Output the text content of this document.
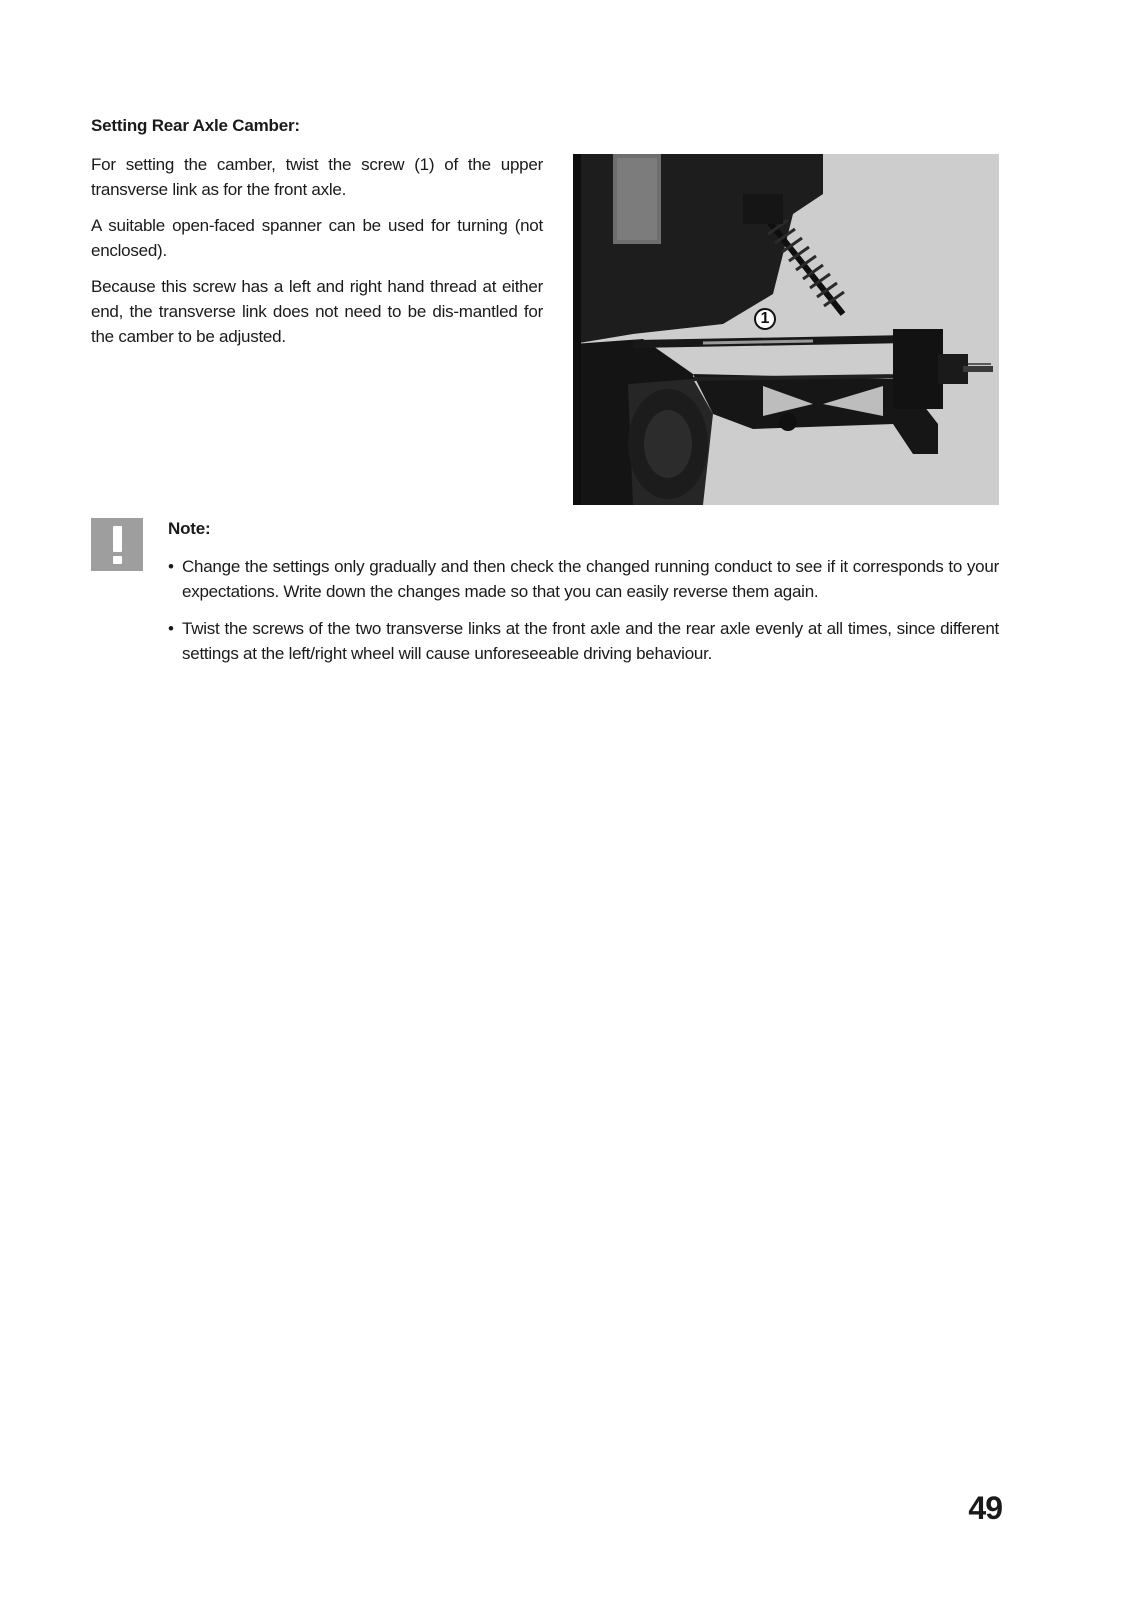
Setting Rear Axle Camber:

For setting the camber, twist the screw (1) of the upper transverse link as for the front axle.

A suitable open-faced spanner can be used for turning (not enclosed).

Because this screw has a left and right hand thread at either end, the transverse link does not need to be dis-mantled for the camber to be adjusted.

1
Note:
• Change the settings only gradually and then check the changed running conduct to see if it corresponds to your expectations. Write down the changes made so that you can easily reverse them again.
• Twist the screws of the two transverse links at the front axle and the rear axle evenly at all times, since different settings at the left/right wheel will cause unforeseeable driving behaviour.
49
